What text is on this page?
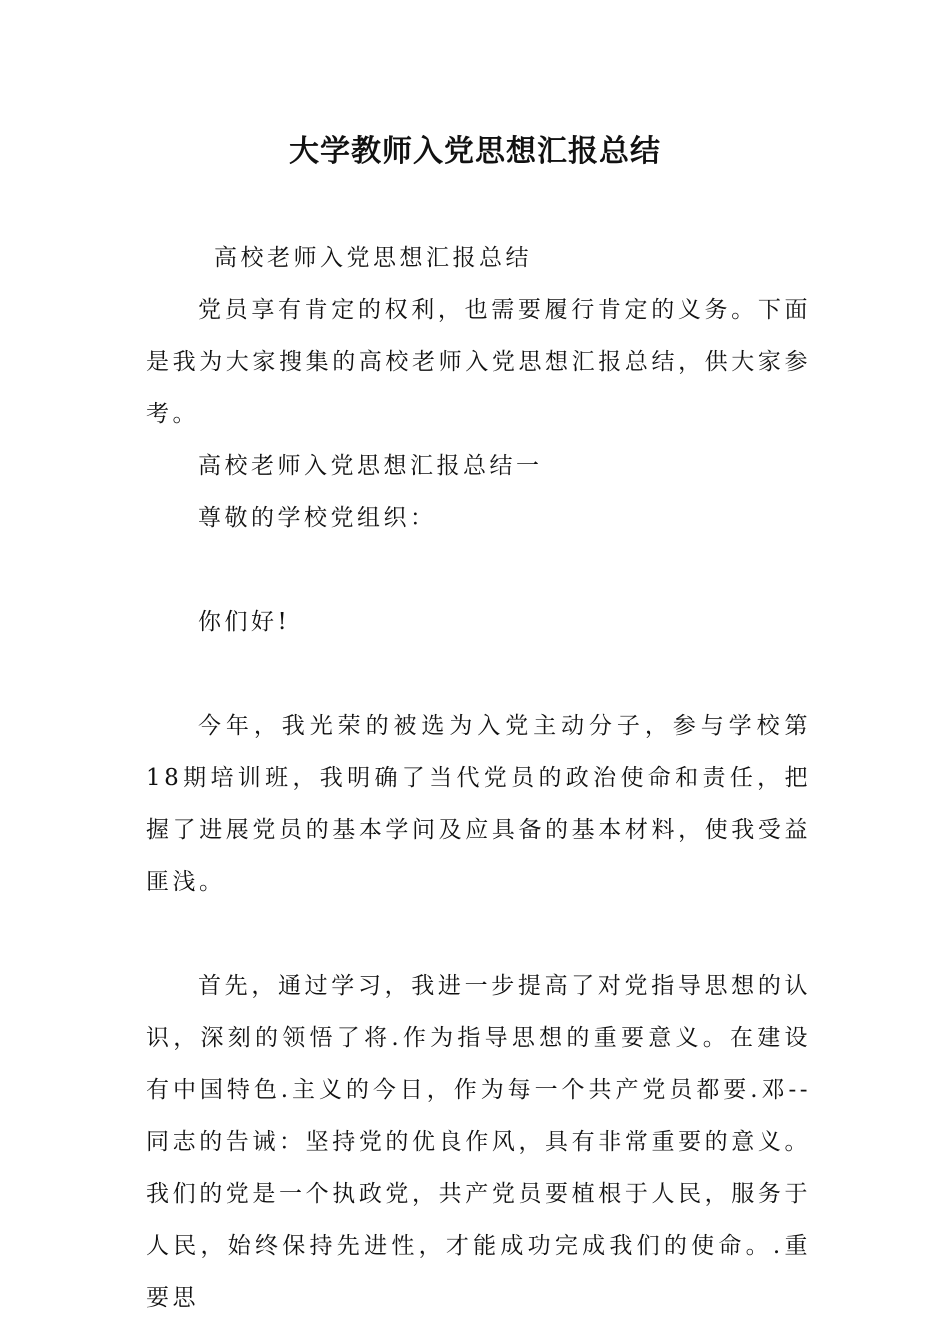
大学教师入党思想汇报总结

高校老师入党思想汇报总结

党员享有肯定的权利，也需要履行肯定的义务。下面是我为大家搜集的高校老师入党思想汇报总结，供大家参考。

高校老师入党思想汇报总结一

尊敬的学校党组织：

你们好!

今年，我光荣的被选为入党主动分子，参与学校第18期培训班，我明确了当代党员的政治使命和责任，把握了进展党员的基本学问及应具备的基本材料，使我受益匪浅。

首先，通过学习，我进一步提高了对党指导思想的认识，深刻的领悟了将.作为指导思想的重要意义。在建设有中国特色.主义的今日，作为每一个共产党员都要.邓--同志的告诫：坚持党的优良作风，具有非常重要的意义。我们的党是一个执政党，共产党员要植根于人民，服务于人民，始终保持先进性，才能成功完成我们的使命。.重要思
